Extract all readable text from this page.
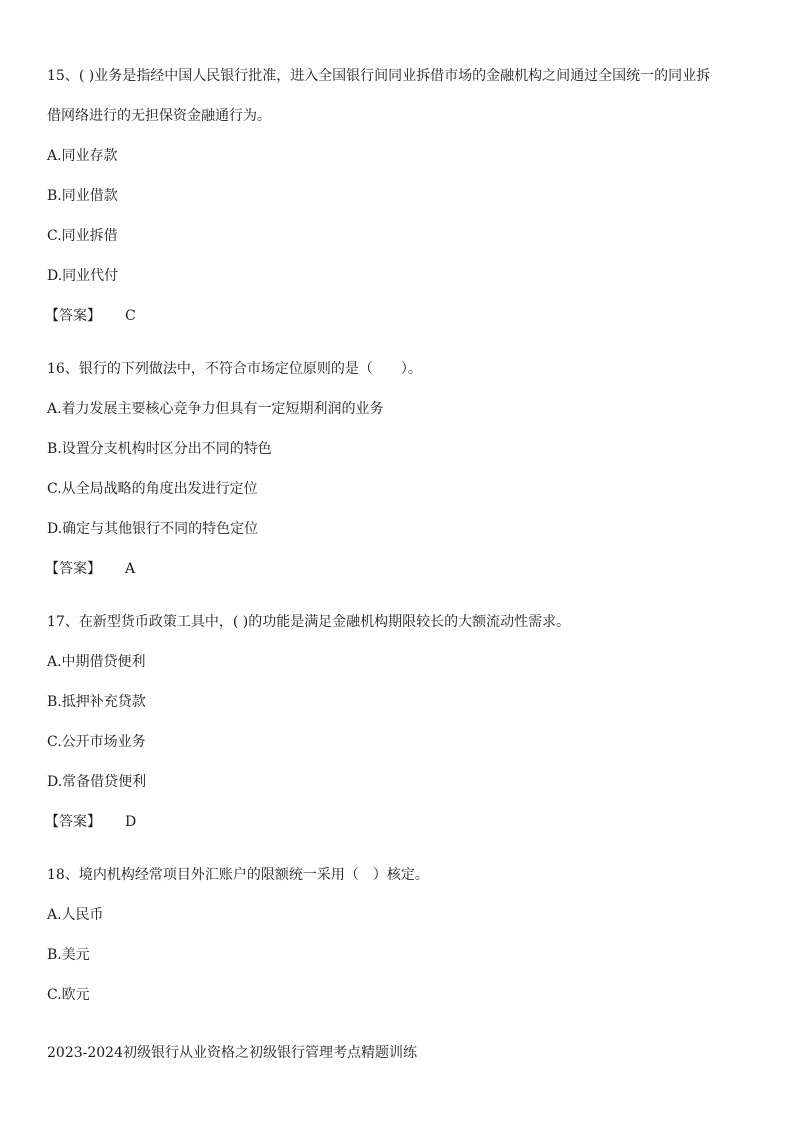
15、( )业务是指经中国人民银行批准，进入全国银行间同业拆借市场的金融机构之间通过全国统一的同业拆
借网络进行的无担保资金融通行为。
A.同业存款
B.同业借款
C.同业拆借
D.同业代付
【答案】 C
16、银行的下列做法中，不符合市场定位原则的是（　　）。
A.着力发展主要核心竞争力但具有一定短期利润的业务
B.设置分支机构时区分出不同的特色
C.从全局战略的角度出发进行定位
D.确定与其他银行不同的特色定位
【答案】 A
17、在新型货币政策工具中，( )的功能是满足金融机构期限较长的大额流动性需求。
A.中期借贷便利
B.抵押补充贷款
C.公开市场业务
D.常备借贷便利
【答案】 D
18、境内机构经常项目外汇账户的限额统一采用（　）核定。
A.人民币
B.美元
C.欧元
2023-2024初级银行从业资格之初级银行管理考点精题训练
